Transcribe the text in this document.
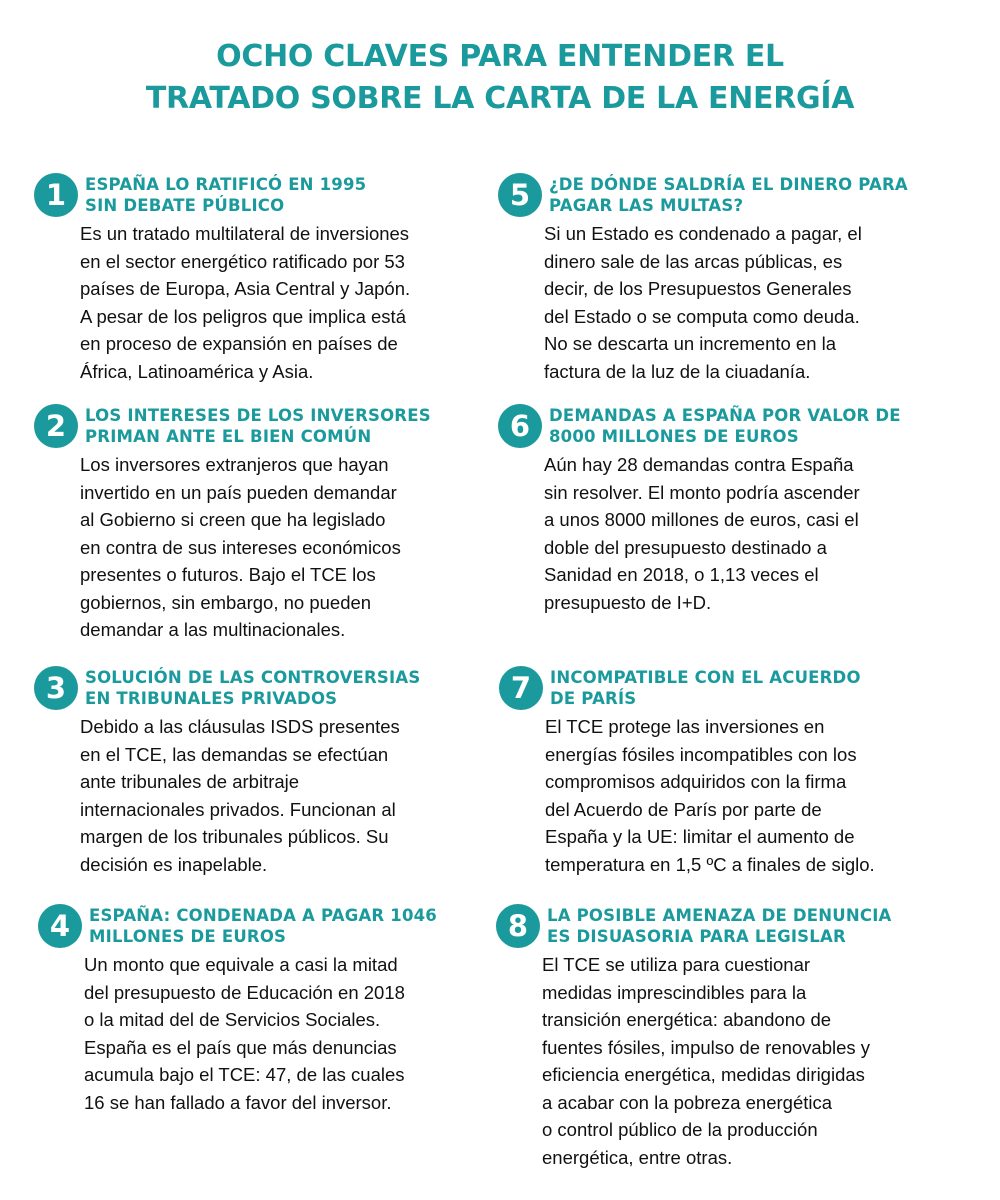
OCHO CLAVES PARA ENTENDER EL
TRATADO SOBRE LA CARTA DE LA ENERGÍA
1	ESPAÑA LO RATIFICÓ EN 1995
SIN DEBATE PÚBLICO
Es un tratado multilateral de inversiones
en el sector energético ratificado por 53
países de Europa, Asia Central y Japón.
A pesar de los peligros que implica está
en proceso de expansión en países de
África, Latinoamérica y Asia.
2	LOS INTERESES DE LOS INVERSORES
PRIMAN ANTE EL BIEN COMÚN
Los inversores extranjeros que hayan
invertido en un país pueden demandar
al Gobierno si creen que ha legislado
en contra de sus intereses económicos
presentes o futuros. Bajo el TCE los
gobiernos, sin embargo, no pueden
demandar a las multinacionales.
3	SOLUCIÓN DE LAS CONTROVERSIAS
EN TRIBUNALES PRIVADOS
Debido a las cláusulas ISDS presentes
en el TCE, las demandas se efectúan
ante tribunales de arbitraje
internacionales privados. Funcionan al
margen de los tribunales públicos. Su
decisión es inapelable.
4	ESPAÑA: CONDENADA A PAGAR 1046
MILLONES DE EUROS
Un monto que equivale a casi la mitad
del presupuesto de Educación en 2018
o la mitad del de Servicios Sociales.
España es el país que más denuncias
acumula bajo el TCE: 47, de las cuales
16 se han fallado a favor del inversor.
5	¿DE DÓNDE SALDRÍA EL DINERO PARA
PAGAR LAS MULTAS?
Si un Estado es condenado a pagar, el
dinero sale de las arcas públicas, es
decir, de los Presupuestos Generales
del Estado o se computa como deuda.
No se descarta un incremento en la
factura de la luz de la ciuadanía.
6	DEMANDAS A ESPAÑA POR VALOR DE
8000 MILLONES DE EUROS
Aún hay 28 demandas contra España
sin resolver. El monto podría ascender
a unos 8000 millones de euros, casi el
doble del presupuesto destinado a
Sanidad en 2018, o 1,13 veces el
presupuesto de I+D.
7	INCOMPATIBLE CON EL ACUERDO
DE PARÍS
El TCE protege las inversiones en
energías fósiles incompatibles con los
compromisos adquiridos con la firma
del Acuerdo de París por parte de
España y la UE: limitar el aumento de
temperatura en 1,5 ºC a finales de siglo.
8	LA POSIBLE AMENAZA DE DENUNCIA
ES DISUASORIA PARA LEGISLAR
El TCE se utiliza para cuestionar
medidas imprescindibles para la
transición energética: abandono de
fuentes fósiles, impulso de renovables y
eficiencia energética, medidas dirigidas
a acabar con la pobreza energética
o control público de la producción
energética, entre otras.
